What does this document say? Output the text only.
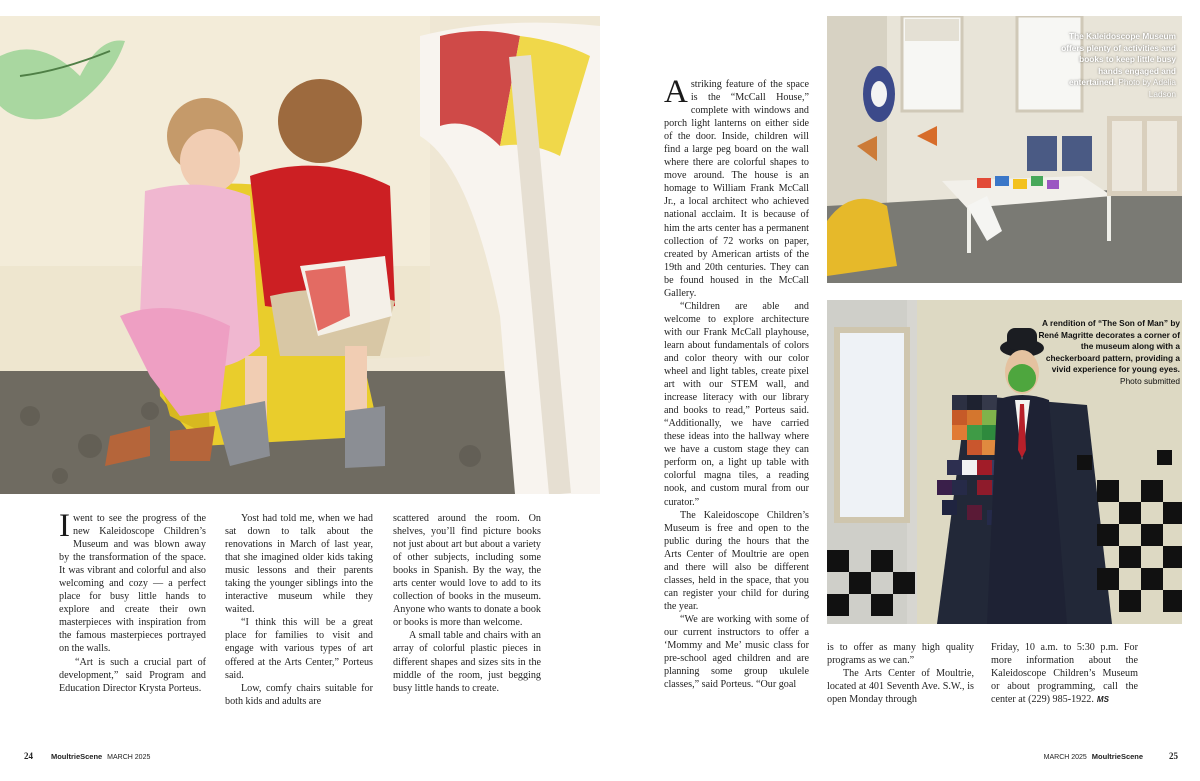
The Kaleidoscope Museum offers plenty of activities and books to keep little busy hands engaged and entertained. Photo by Adelia Ladson
A rendition of “The Son of Man” by René Magritte decorates a corner of the museum along with a checkerboard pattern, providing a vivid experience for young eyes. Photo submitted

Iwent to see the progress of the new Kaleidoscope Children’s Museum and was blown away by the transformation of the space. It was vibrant and colorful and also welcoming and cozy — a perfect place for busy little hands to explore and create their own masterpieces with inspiration from the famous masterpieces portrayed on the walls.

“Art is such a crucial part of development,” said Program and Education Director Krysta Porteus.

Yost had told me, when we had sat down to talk about the renovations in March of last year, that she imagined older kids taking music lessons and their parents taking the younger siblings into the interactive museum while they waited.

“I think this will be a great place for families to visit and engage with various types of art offered at the Arts Center,” Porteus said.

Low, comfy chairs suitable for both kids and adults are

scattered around the room. On shelves, you’ll find picture books not just about art but about a variety of other subjects, including some books in Spanish. By the way, the arts center would love to add to its collection of books in the museum. Anyone who wants to donate a book or books is more than welcome.

A small table and chairs with an array of colorful plastic pieces in different shapes and sizes sits in the middle of the room, just begging busy little hands to create.

Astriking feature of the space is the “McCall House,” complete with windows and porch light lanterns on either side of the door. Inside, children will find a large peg board on the wall where there are colorful shapes to move around. The house is an homage to William Frank McCall Jr., a local architect who achieved national acclaim. It is because of him the arts center has a permanent collection of 72 works on paper, created by American artists of the 19th and 20th centuries. They can be found housed in the McCall Gallery.

“Children are able and welcome to explore architecture with our Frank McCall playhouse, learn about fundamentals of colors and color theory with our color wheel and light tables, create pixel art with our STEM wall, and increase literacy with our library and books to read,” Porteus said. “Additionally, we have carried these ideas into the hallway where we have a custom stage they can perform on, a light up table with colorful magna tiles, a reading nook, and custom mural from our curator.”

The Kaleidoscope Children’s Museum is free and open to the public during the hours that the Arts Center of Moultrie are open and there will also be different classes, held in the space, that you can register your child for during the year.

“We are working with some of our current instructors to offer a ‘Mommy and Me’ music class for pre-school aged children and are planning some group ukulele classes,” said Porteus. “Our goal

is to offer as many high quality programs as we can.”

The Arts Center of Moultrie, located at 401 Seventh Ave. S.W., is open Monday through

Friday, 10 a.m. to 5:30 p.m. For more information about the Kaleidoscope Children’s Museum or about programming, call the center at (229) 985-1922. MS

24 MoultrieScene MARCH 2025	MARCH 2025 MoultrieScene	25
